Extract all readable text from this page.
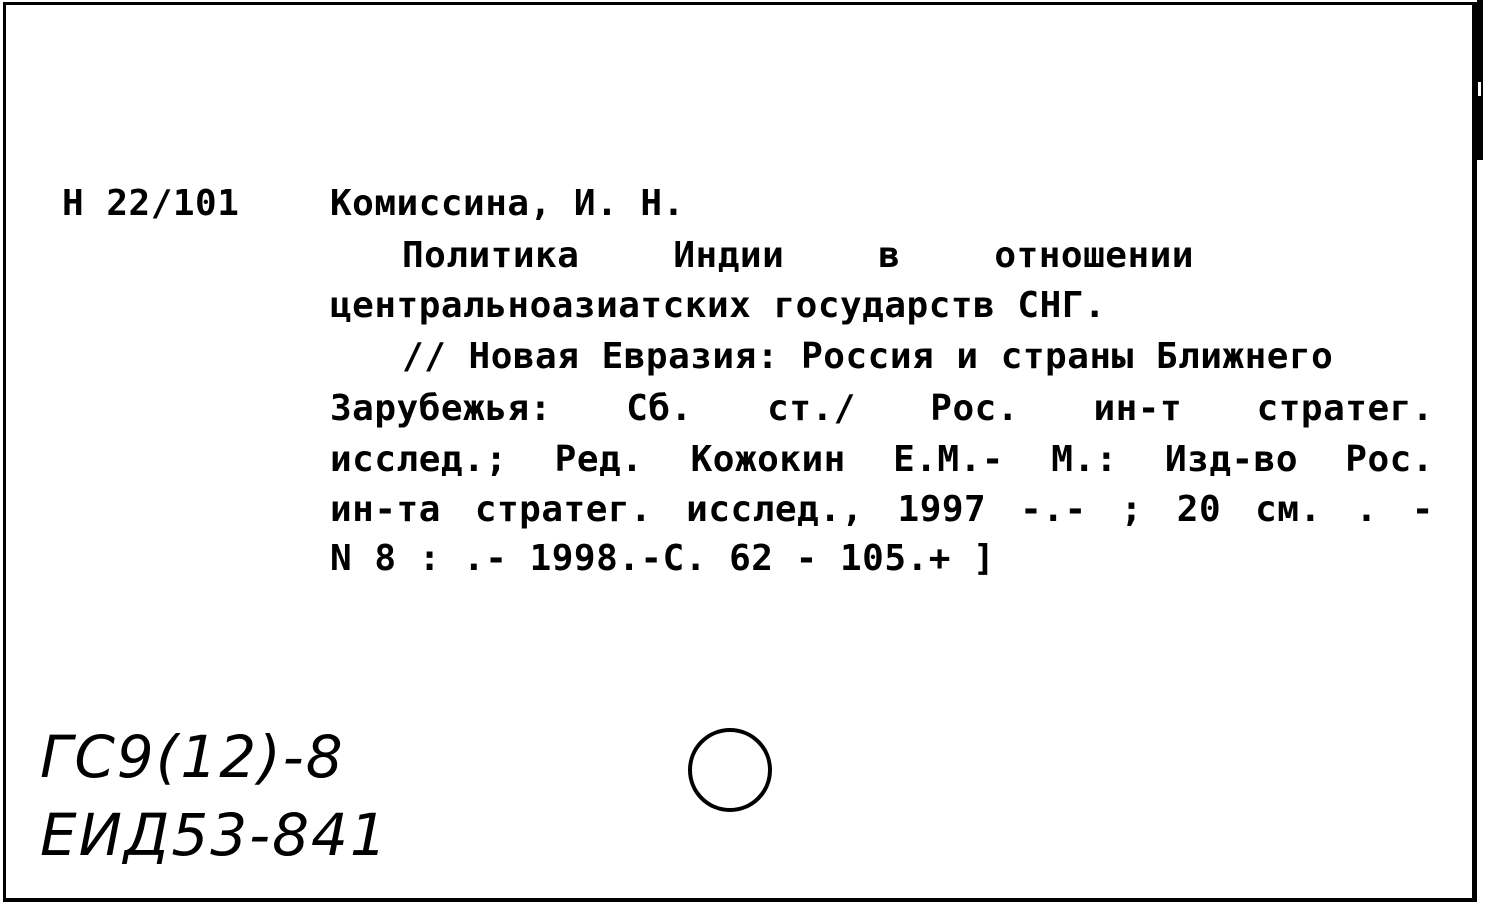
Н 22/101	Комиссина, И. Н.
Политика	Индии	в	отношении
центральноазиатских государств СНГ.
// Новая Евразия: Россия и страны Ближнего
Зарубежья: Сб. ст./ Рос. ин-т стратег.
исслед.; Ред. Кожокин Е.М.- М.: Изд-во Рос.
ин-та стратег. исслед., 1997 -.- ; 20 см. . -
N 8 : .- 1998.-С. 62 - 105.+ ]
ГС9(12)-8
ЕИД53-841
